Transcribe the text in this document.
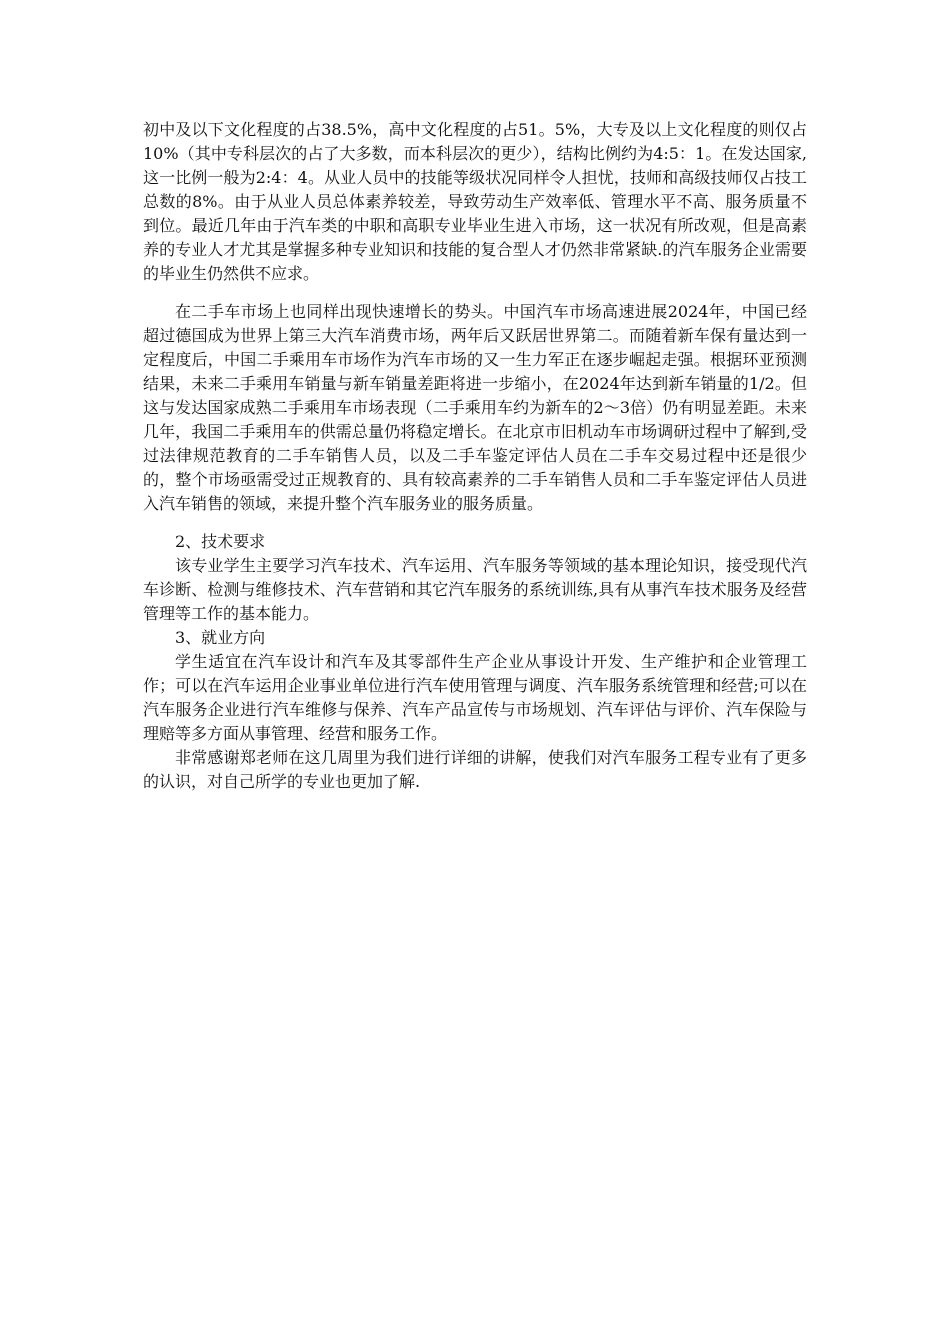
初中及以下文化程度的占38.5%，高中文化程度的占51。5%，大专及以上文化程度的则仅占10%（其中专科层次的占了大多数，而本科层次的更少），结构比例约为4:5：1。在发达国家,这一比例一般为2:4：4。从业人员中的技能等级状况同样令人担忧，技师和高级技师仅占技工总数的8%。由于从业人员总体素养较差，导致劳动生产效率低、管理水平不高、服务质量不到位。最近几年由于汽车类的中职和高职专业毕业生进入市场，这一状况有所改观，但是高素养的专业人才尤其是掌握多种专业知识和技能的复合型人才仍然非常紧缺.的汽车服务企业需要的毕业生仍然供不应求。

在二手车市场上也同样出现快速增长的势头。中国汽车市场高速进展2024年，中国已经超过德国成为世界上第三大汽车消费市场，两年后又跃居世界第二。而随着新车保有量达到一定程度后，中国二手乘用车市场作为汽车市场的又一生力军正在逐步崛起走强。根据环亚预测结果，未来二手乘用车销量与新车销量差距将进一步缩小，在2024年达到新车销量的1/2。但这与发达国家成熟二手乘用车市场表现（二手乘用车约为新车的2～3倍）仍有明显差距。未来几年，我国二手乘用车的供需总量仍将稳定增长。在北京市旧机动车市场调研过程中了解到,受过法律规范教育的二手车销售人员，以及二手车鉴定评估人员在二手车交易过程中还是很少的，整个市场亟需受过正规教育的、具有较高素养的二手车销售人员和二手车鉴定评估人员进入汽车销售的领域，来提升整个汽车服务业的服务质量。

2、技术要求

该专业学生主要学习汽车技术、汽车运用、汽车服务等领域的基本理论知识，接受现代汽车诊断、检测与维修技术、汽车营销和其它汽车服务的系统训练,具有从事汽车技术服务及经营管理等工作的基本能力。

3、就业方向

学生适宜在汽车设计和汽车及其零部件生产企业从事设计开发、生产维护和企业管理工作；可以在汽车运用企业事业单位进行汽车使用管理与调度、汽车服务系统管理和经营;可以在汽车服务企业进行汽车维修与保养、汽车产品宣传与市场规划、汽车评估与评价、汽车保险与理赔等多方面从事管理、经营和服务工作。

非常感谢郑老师在这几周里为我们进行详细的讲解，使我们对汽车服务工程专业有了更多的认识，对自己所学的专业也更加了解.
